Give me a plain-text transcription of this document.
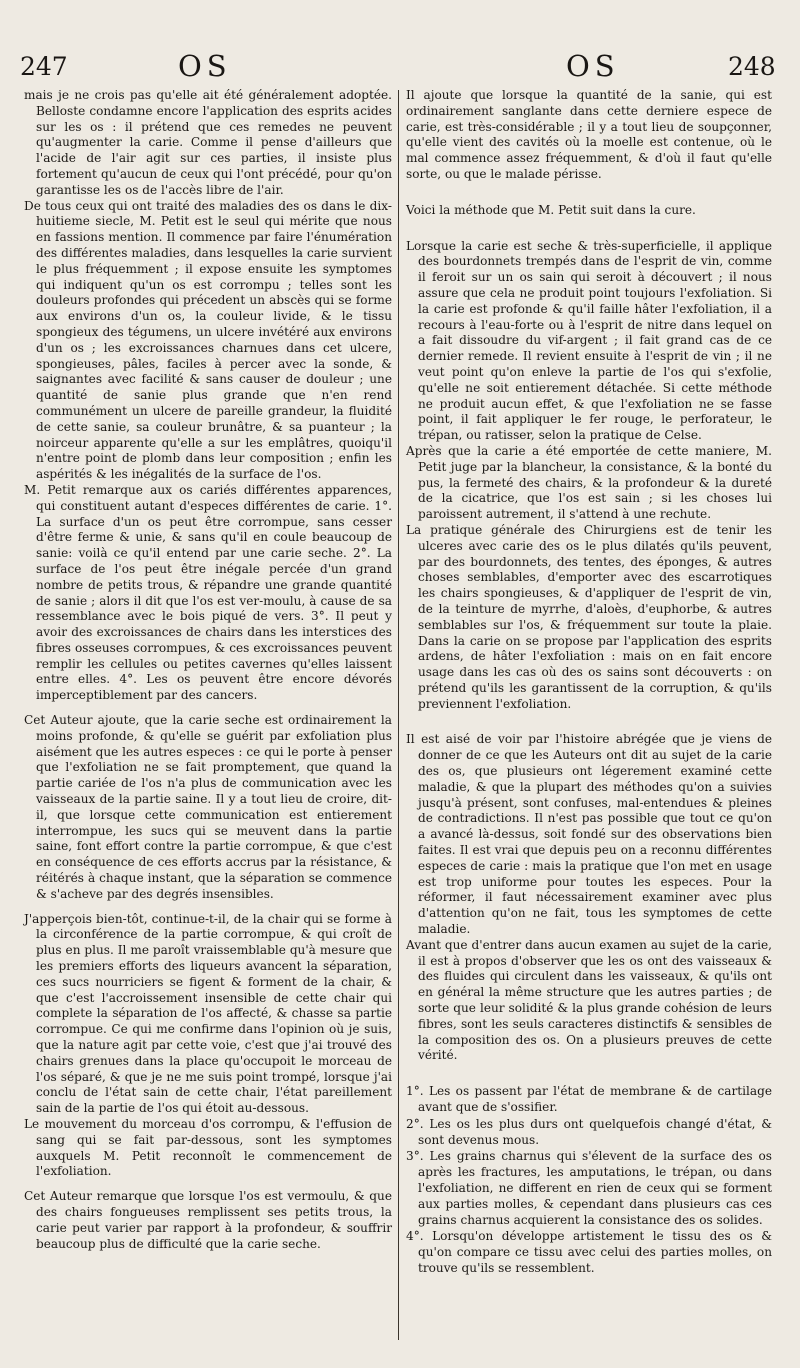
247	OS	OS	248

mais je ne crois pas qu'elle ait été généralement adoptée. Belloste condamne encore l'application des esprits acides sur les os : il prétend que ces remedes ne peuvent qu'augmenter la carie. Comme il pense d'ailleurs que l'acide de l'air agit sur ces parties, il insiste plus fortement qu'aucun de ceux qui l'ont précédé, pour qu'on garantisse les os de l'accès libre de l'air.

De tous ceux qui ont traité des maladies des os dans le dix-huitieme siecle, M. Petit est le seul qui mérite que nous en fassions mention. Il commence par faire l'énumération des différentes maladies, dans lesquelles la carie survient le plus fréquemment ; il expose ensuite les symptomes qui indiquent qu'un os est corrompu ; telles sont les douleurs profondes qui précedent un abscès qui se forme aux environs d'un os, la couleur livide, & le tissu spongieux des tégumens, un ulcere invétéré aux environs d'un os ; les excroissances charnues dans cet ulcere, spongieuses, pâles, faciles à percer avec la sonde, & saignantes avec facilité & sans causer de douleur ; une quantité de sanie plus grande que n'en rend communément un ulcere de pareille grandeur, la fluidité de cette sanie, sa couleur brunâtre, & sa puanteur ; la noirceur apparente qu'elle a sur les emplâtres, quoiqu'il n'entre point de plomb dans leur composition ; enfin les aspérités & les inégalités de la surface de l'os.

M. Petit remarque aux os cariés différentes apparences, qui constituent autant d'especes différentes de carie. 1°. La surface d'un os peut être corrompue, sans cesser d'être ferme & unie, & sans qu'il en coule beaucoup de sanie: voilà ce qu'il entend par une carie seche. 2°. La surface de l'os peut être inégale percée d'un grand nombre de petits trous, & répandre une grande quantité de sanie ; alors il dit que l'os est ver-moulu, à cause de sa ressemblance avec le bois piqué de vers. 3°. Il peut y avoir des excroissances de chairs dans les interstices des fibres osseuses corrompues, & ces excroissances peuvent remplir les cellules ou petites cavernes qu'elles laissent entre elles. 4°. Les os peuvent être encore dévorés imperceptiblement par des cancers.

Cet Auteur ajoute, que la carie seche est ordinairement la moins profonde, & qu'elle se guérit par exfoliation plus aisément que les autres especes : ce qui le porte à penser que l'exfoliation ne se fait promptement, que quand la partie cariée de l'os n'a plus de communication avec les vaisseaux de la partie saine. Il y a tout lieu de croire, dit-il, que lorsque cette communication est entierement interrompue, les sucs qui se meuvent dans la partie saine, font effort contre la partie corrompue, & que c'est en conséquence de ces efforts accrus par la résistance, & réitérés à chaque instant, que la séparation se commence & s'acheve par des degrés insensibles.

J'apperçois bien-tôt, continue-t-il, de la chair qui se forme à la circonférence de la partie corrompue, & qui croît de plus en plus. Il me paroît vraissemblable qu'à mesure que les premiers efforts des liqueurs avancent la séparation, ces sucs nourriciers se figent & forment de la chair, & que c'est l'accroissement insensible de cette chair qui complete la séparation de l'os affecté, & chasse sa partie corrompue. Ce qui me confirme dans l'opinion où je suis, que la nature agit par cette voie, c'est que j'ai trouvé des chairs grenues dans la place qu'occupoit le morceau de l'os séparé, & que je ne me suis point trompé, lorsque j'ai conclu de l'état sain de cette chair, l'état pareillement sain de la partie de l'os qui étoit au-dessous.

Le mouvement du morceau d'os corrompu, & l'effusion de sang qui se fait par-dessous, sont les symptomes auxquels M. Petit reconnoît le commencement de l'exfoliation.

Cet Auteur remarque que lorsque l'os est vermoulu, & que des chairs fongueuses remplissent ses petits trous, la carie peut varier par rapport à la profondeur, & souffrir beaucoup plus de difficulté que la carie seche.

Il ajoute que lorsque la quantité de la sanie, qui est ordinairement sanglante dans cette derniere espece de carie, est très-considérable ; il y a tout lieu de soupçonner, qu'elle vient des cavités où la moelle est contenue, où le mal commence assez fréquemment, & d'où il faut qu'elle sorte, ou que le malade périsse.

Voici la méthode que M. Petit suit dans la cure.

Lorsque la carie est seche & très-superficielle, il applique des bourdonnets trempés dans de l'esprit de vin, comme il feroit sur un os sain qui seroit à découvert ; il nous assure que cela ne produit point toujours l'exfoliation. Si la carie est profonde & qu'il faille hâter l'exfoliation, il a recours à l'eau-forte ou à l'esprit de nitre dans lequel on a fait dissoudre du vif-argent ; il fait grand cas de ce dernier remede. Il revient ensuite à l'esprit de vin ; il ne veut point qu'on enleve la partie de l'os qui s'exfolie, qu'elle ne soit entierement détachée. Si cette méthode ne produit aucun effet, & que l'exfoliation ne se fasse point, il fait appliquer le fer rouge, le perforateur, le trépan, ou ratisser, selon la pratique de Celse.

Après que la carie a été emportée de cette maniere, M. Petit juge par la blancheur, la consistance, & la bonté du pus, la fermeté des chairs, & la profondeur & la dureté de la cicatrice, que l'os est sain ; si les choses lui paroissent autrement, il s'attend à une rechute.

La pratique générale des Chirurgiens est de tenir les ulceres avec carie des os le plus dilatés qu'ils peuvent, par des bourdonnets, des tentes, des éponges, & autres choses semblables, d'emporter avec des escarrotiques les chairs spongieuses, & d'appliquer de l'esprit de vin, de la teinture de myrrhe, d'aloès, d'euphorbe, & autres semblables sur l'os, & fréquemment sur toute la plaie. Dans la carie on se propose par l'application des esprits ardens, de hâter l'exfoliation : mais on en fait encore usage dans les cas où des os sains sont découverts : on prétend qu'ils les garantissent de la corruption, & qu'ils previennent l'exfoliation.

Il est aisé de voir par l'histoire abrégée que je viens de donner de ce que les Auteurs ont dit au sujet de la carie des os, que plusieurs ont légerement examiné cette maladie, & que la plupart des méthodes qu'on a suivies jusqu'à présent, sont confuses, mal-entendues & pleines de contradictions. Il n'est pas possible que tout ce qu'on a avancé là-dessus, soit fondé sur des observations bien faites. Il est vrai que depuis peu on a reconnu différentes especes de carie : mais la pratique que l'on met en usage est trop uniforme pour toutes les especes. Pour la réformer, il faut nécessairement examiner avec plus d'attention qu'on ne fait, tous les symptomes de cette maladie.

Avant que d'entrer dans aucun examen au sujet de la carie, il est à propos d'observer que les os ont des vaisseaux & des fluides qui circulent dans les vaisseaux, & qu'ils ont en général la même structure que les autres parties ; de sorte que leur solidité & la plus grande cohésion de leurs fibres, sont les seuls caracteres distinctifs & sensibles de la composition des os. On a plusieurs preuves de cette vérité.

1°. Les os passent par l'état de membrane & de cartilage avant que de s'ossifier.

2°. Les os les plus durs ont quelquefois changé d'état, & sont devenus mous.

3°. Les grains charnus qui s'élevent de la surface des os après les fractures, les amputations, le trépan, ou dans l'exfoliation, ne different en rien de ceux qui se forment aux parties molles, & cependant dans plusieurs cas ces grains charnus acquierent la consistance des os solides.

4°. Lorsqu'on développe artistement le tissu des os & qu'on compare ce tissu avec celui des parties molles, on trouve qu'ils se ressemblent.
